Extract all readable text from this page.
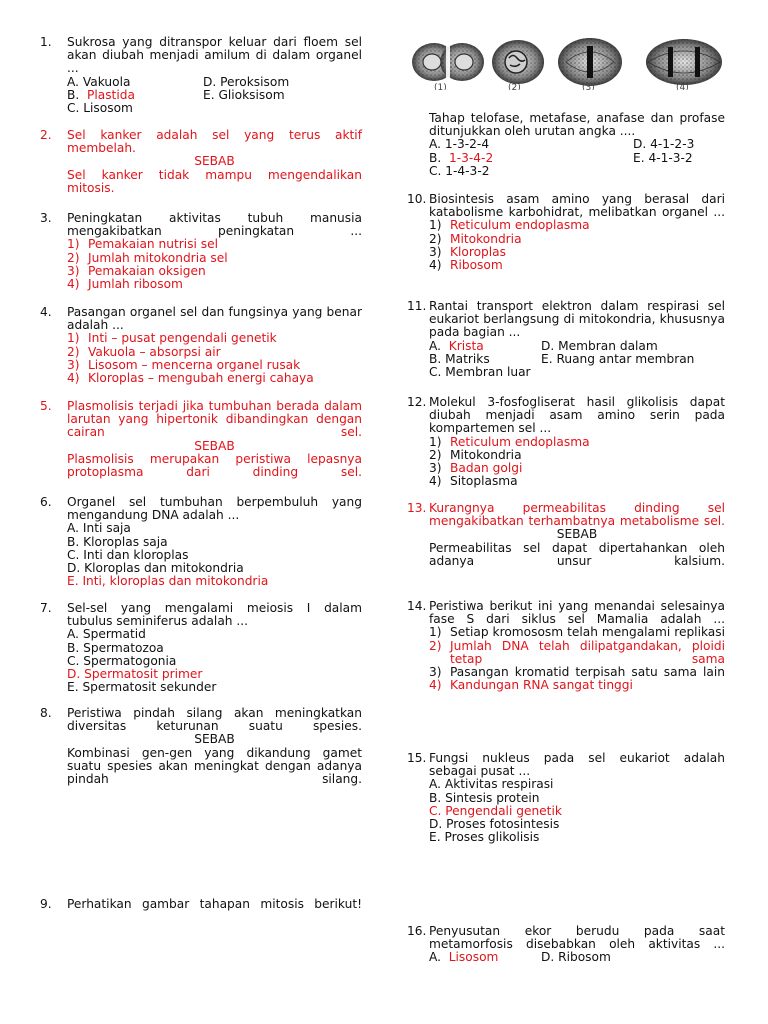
1. Sukrosa yang ditranspor keluar dari floem sel akan diubah menjadi amilum di dalam organel ...
A. Vakuola	D. Peroksisom
B.  Plastida	E. Glioksisom
C. Lisosom
2. Sel kanker adalah sel yang terus aktif membelah.
SEBAB
Sel kanker tidak mampu mengendalikan mitosis.
3. Peningkatan aktivitas tubuh manusia mengakibatkan peningkatan ...
1) Pemakaian nutrisi sel
2) Jumlah mitokondria sel
3) Pemakaian oksigen
4) Jumlah ribosom
4. Pasangan organel sel dan fungsinya yang benar adalah ...
1) Inti – pusat pengendali genetik
2) Vakuola – absorpsi air
3) Lisosom – mencerna organel rusak
4) Kloroplas – mengubah energi cahaya
5. Plasmolisis terjadi jika tumbuhan berada dalam larutan yang hipertonik dibandingkan dengan cairan sel.
SEBAB
Plasmolisis merupakan peristiwa lepasnya protoplasma dari dinding sel.
6. Organel sel tumbuhan berpembuluh yang mengandung DNA adalah ...
A. Inti saja
B. Kloroplas saja
C. Inti dan kloroplas
D. Kloroplas dan mitokondria
E. Inti, kloroplas dan mitokondria
7. Sel-sel yang mengalami meiosis I dalam tubulus seminiferus adalah ...
A. Spermatid
B. Spermatozoa
C. Spermatogonia
D. Spermatosit primer
E. Spermatosit sekunder
8. Peristiwa pindah silang akan meningkatkan diversitas keturunan suatu spesies.
SEBAB
Kombinasi gen-gen yang dikandung gamet suatu spesies akan meningkat dengan adanya pindah silang.
9. Perhatikan gambar tahapan mitosis berikut!
(1)	(2)	(3)	(4)
Tahap telofase, metafase, anafase dan profase ditunjukkan oleh urutan angka ....
A. 1-3-2-4	D. 4-1-2-3
B.  1-3-4-2	E. 4-1-3-2
C. 1-4-3-2
10. Biosintesis asam amino yang berasal dari katabolisme karbohidrat, melibatkan organel ...
1) Reticulum endoplasma
2) Mitokondria
3) Kloroplas
4) Ribosom
11. Rantai transport elektron dalam respirasi sel eukariot berlangsung di mitokondria, khususnya pada bagian ...
A.  Krista	D. Membran dalam
B. Matriks	E. Ruang antar membran
C. Membran luar
12. Molekul 3-fosfogliserat hasil glikolisis dapat diubah menjadi asam amino serin pada kompartemen sel ...
1) Reticulum endoplasma
2) Mitokondria
3) Badan golgi
4) Sitoplasma
13. Kurangnya permeabilitas dinding sel mengakibatkan terhambatnya metabolisme sel.
SEBAB
Permeabilitas sel dapat dipertahankan oleh adanya unsur kalsium.
14. Peristiwa berikut ini yang menandai selesainya fase S dari siklus sel Mamalia adalah ...
1) Setiap kromososm telah mengalami replikasi
2) Jumlah DNA telah dilipatgandakan, ploidi tetap sama
3) Pasangan kromatid terpisah satu sama lain
4) Kandungan RNA sangat tinggi
15. Fungsi nukleus pada sel eukariot adalah sebagai pusat ...
A. Aktivitas respirasi
B. Sintesis protein
C. Pengendali genetik
D. Proses fotosintesis
E. Proses glikolisis
16. Penyusutan ekor berudu pada saat metamorfosis disebabkan oleh aktivitas ...
A.  Lisosom	D. Ribosom
